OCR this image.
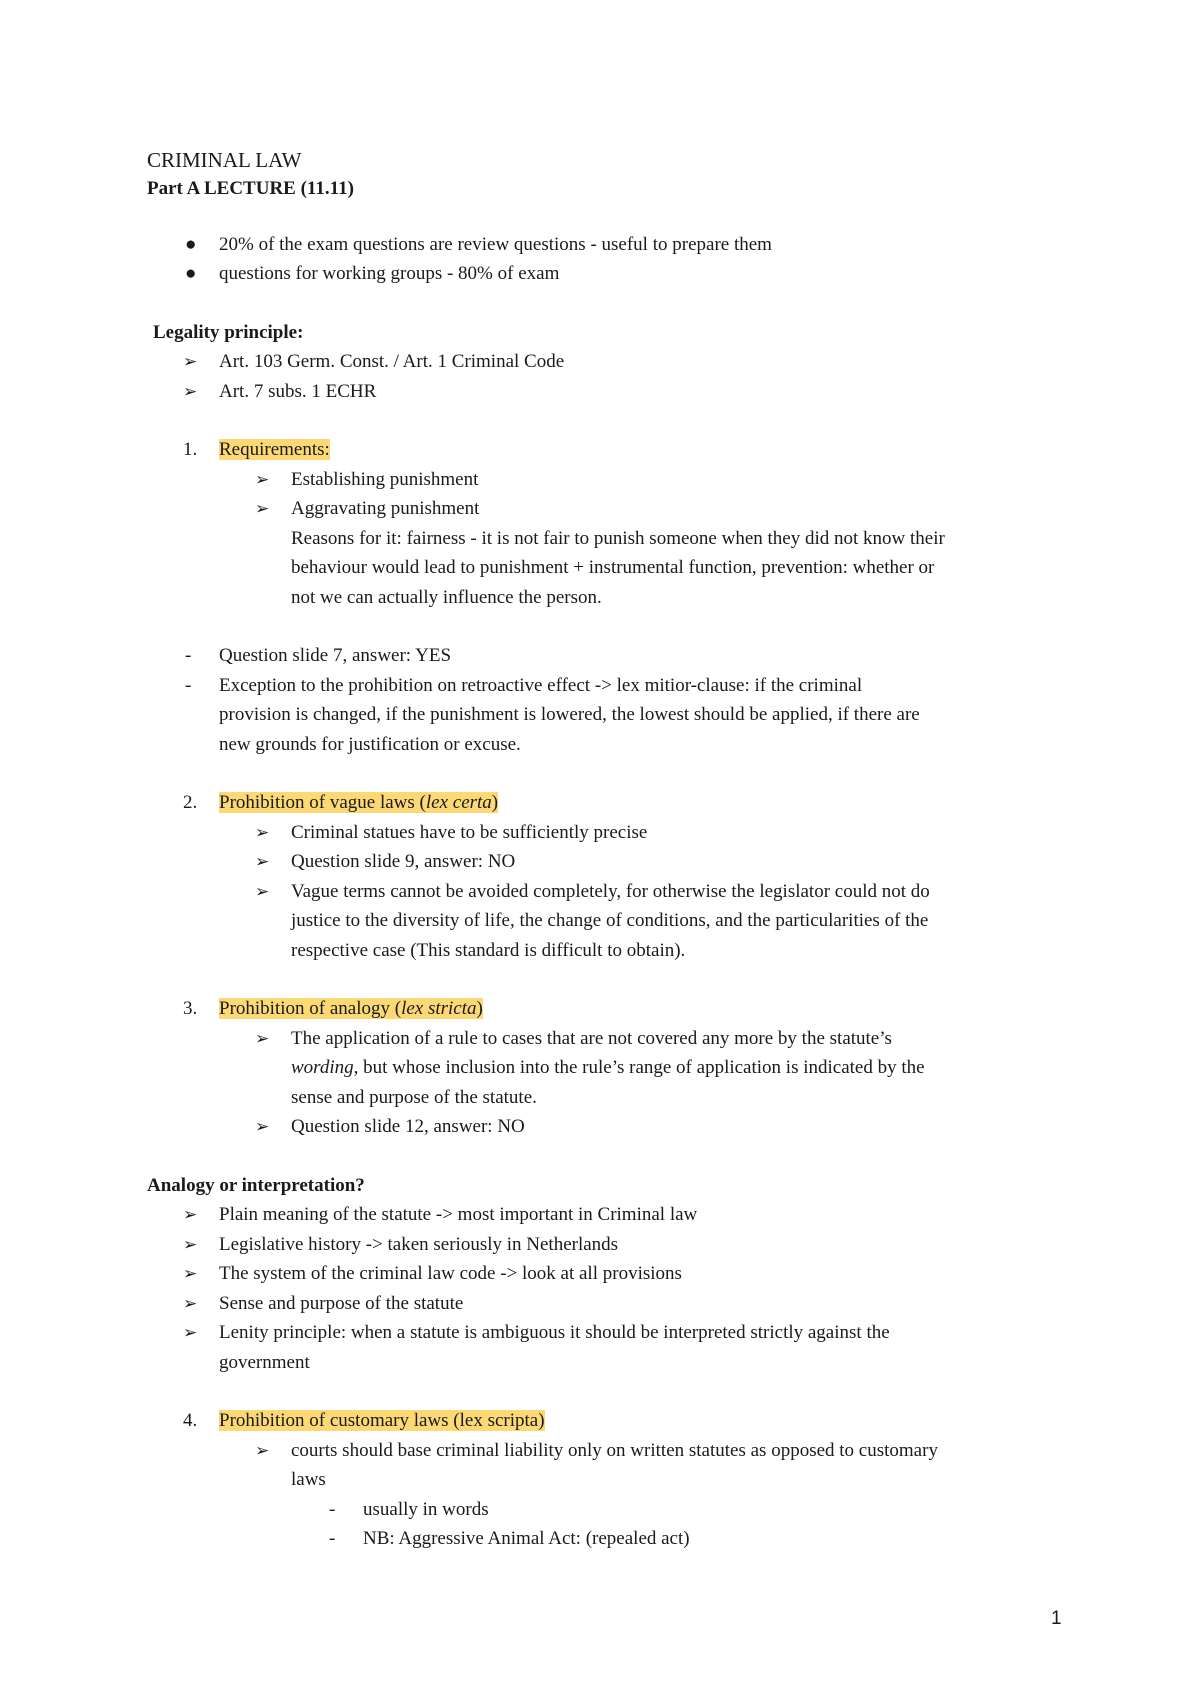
CRIMINAL LAW
Part A LECTURE (11.11)
● 20% of the exam questions are review questions - useful to prepare them
● questions for working groups - 80% of exam
Legality principle:
➢ Art. 103 Germ. Const. / Art. 1 Criminal Code
➢ Art. 7 subs. 1 ECHR
1. Requirements:
➢ Establishing punishment
➢ Aggravating punishment
Reasons for it: fairness - it is not fair to punish someone when they did not know their
behaviour would lead to punishment + instrumental function, prevention: whether or
not we can actually influence the person.
- Question slide 7, answer: YES
- Exception to the prohibition on retroactive effect -> lex mitior-clause: if the criminal
provision is changed, if the punishment is lowered, the lowest should be applied, if there are
new grounds for justification or excuse.
2. Prohibition of vague laws (lex certa)
➢ Criminal statues have to be sufficiently precise
➢ Question slide 9, answer: NO
➢ Vague terms cannot be avoided completely, for otherwise the legislator could not do
justice to the diversity of life, the change of conditions, and the particularities of the
respective case (This standard is difficult to obtain).
3. Prohibition of analogy (lex stricta)
➢ The application of a rule to cases that are not covered any more by the statute’s
wording, but whose inclusion into the rule’s range of application is indicated by the
sense and purpose of the statute.
➢ Question slide 12, answer: NO
Analogy or interpretation?
➢ Plain meaning of the statute -> most important in Criminal law
➢ Legislative history -> taken seriously in Netherlands
➢ The system of the criminal law code -> look at all provisions
➢ Sense and purpose of the statute
➢ Lenity principle: when a statute is ambiguous it should be interpreted strictly against the
government
4. Prohibition of customary laws (lex scripta)
➢ courts should base criminal liability only on written statutes as opposed to customary
laws
- usually in words
- NB: Aggressive Animal Act: (repealed act)
1
